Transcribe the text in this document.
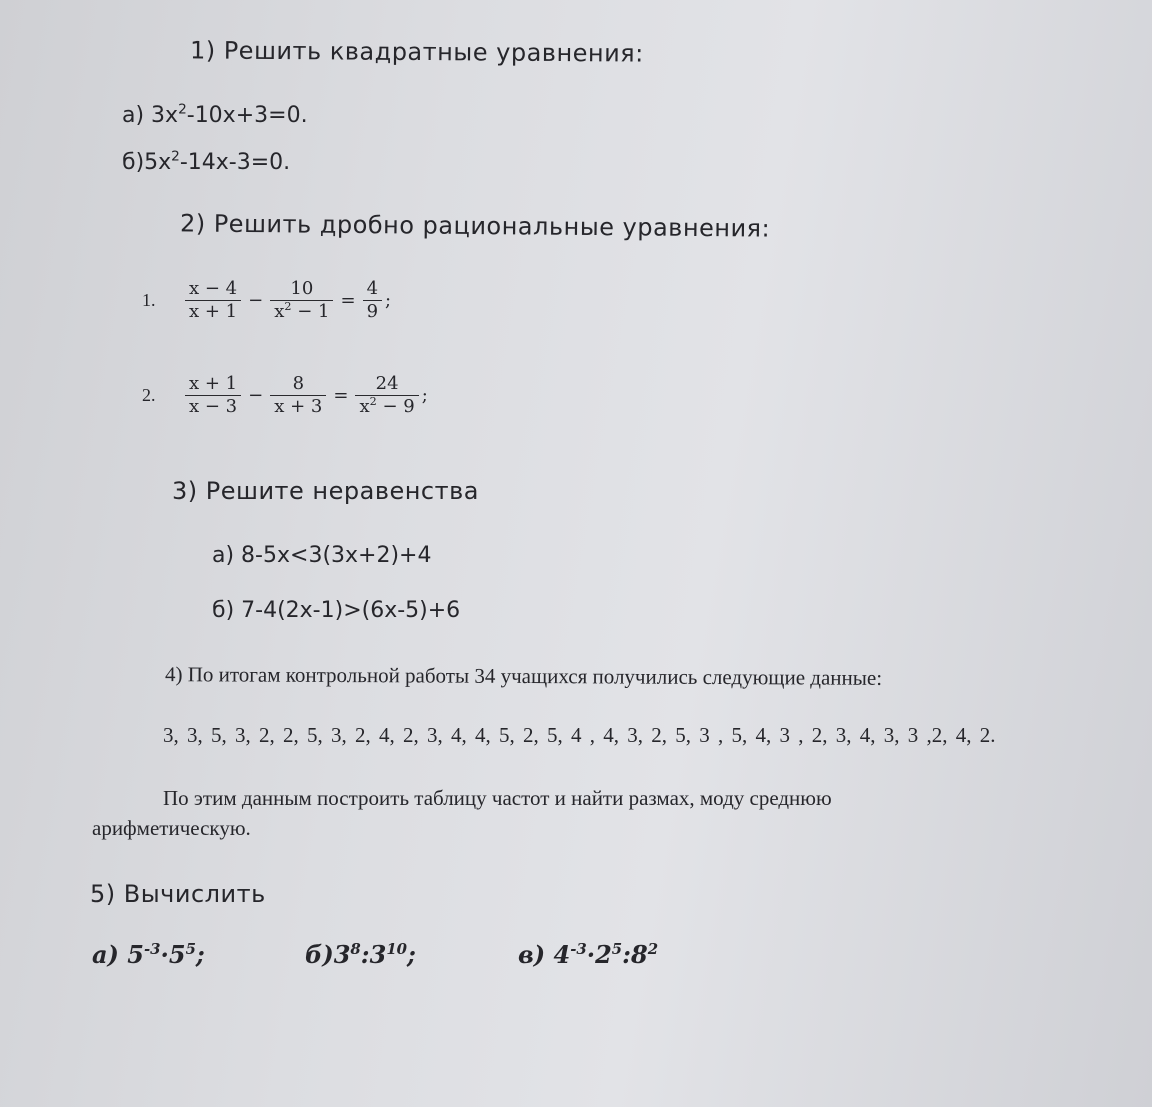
1) Решить квадратные уравнения:
а) $3х^2-10х+3=0$.
$б)5х^2-14х-3=0$.
2) Решить дробно рациональные уравнения:
1.	$\frac{x - 4}{x + 1} - \frac{10}{x^2 - 1} = \frac{4}{9}$ ;
2.	$\frac{x + 1}{x - 3} - \frac{8}{x + 3} = \frac{24}{x^2 - 9}$ ;
3) Решите неравенства
а) 8-5х<3(3х+2)+4
б) 7-4(2х-1)>(6х-5)+6
4) По итогам контрольной работы 34 учащихся получились следующие данные:
3, 3, 5, 3, 2, 2, 5, 3, 2, 4, 2, 3, 4, 4, 5, 2, 5, 4 , 4, 3, 2, 5, 3 , 5, 4, 3 , 2, 3, 4, 3, 3 ,2, 4, 2.
По этим данным построить таблицу частот и найти размах, моду среднюю
арифметическую.
5) Вычислить
а) $5^{-3}\cdot 5^5$;	$б)3^8:3^{10}$;	в) $4^{-3}\cdot 2^5:8^2$
